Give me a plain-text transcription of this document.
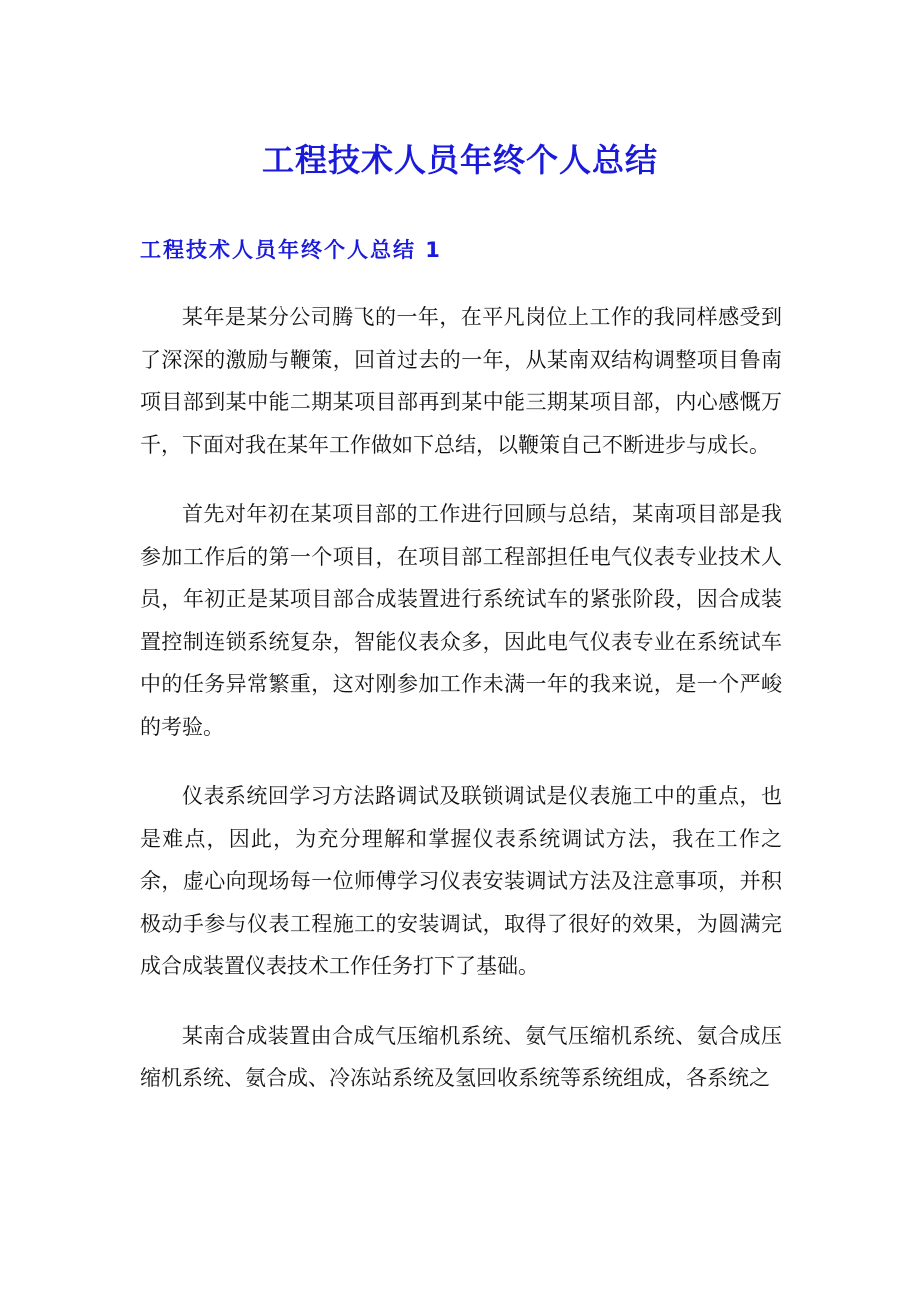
工程技术人员年终个人总结
工程技术人员年终个人总结 1

某年是某分公司腾飞的一年，在平凡岗位上工作的我同样感受到了深深的激励与鞭策，回首过去的一年，从某南双结构调整项目鲁南项目部到某中能二期某项目部再到某中能三期某项目部，内心感慨万千，下面对我在某年工作做如下总结，以鞭策自己不断进步与成长。

首先对年初在某项目部的工作进行回顾与总结，某南项目部是我参加工作后的第一个项目，在项目部工程部担任电气仪表专业技术人员，年初正是某项目部合成装置进行系统试车的紧张阶段，因合成装置控制连锁系统复杂，智能仪表众多，因此电气仪表专业在系统试车中的任务异常繁重，这对刚参加工作未满一年的我来说，是一个严峻的考验。

仪表系统回学习方法路调试及联锁调试是仪表施工中的重点，也是难点，因此，为充分理解和掌握仪表系统调试方法，我在工作之余，虚心向现场每一位师傅学习仪表安装调试方法及注意事项，并积极动手参与仪表工程施工的安装调试，取得了很好的效果，为圆满完成合成装置仪表技术工作任务打下了基础。

某南合成装置由合成气压缩机系统、氨气压缩机系统、氨合成压缩机系统、氨合成、冷冻站系统及氢回收系统等系统组成，各系统之
